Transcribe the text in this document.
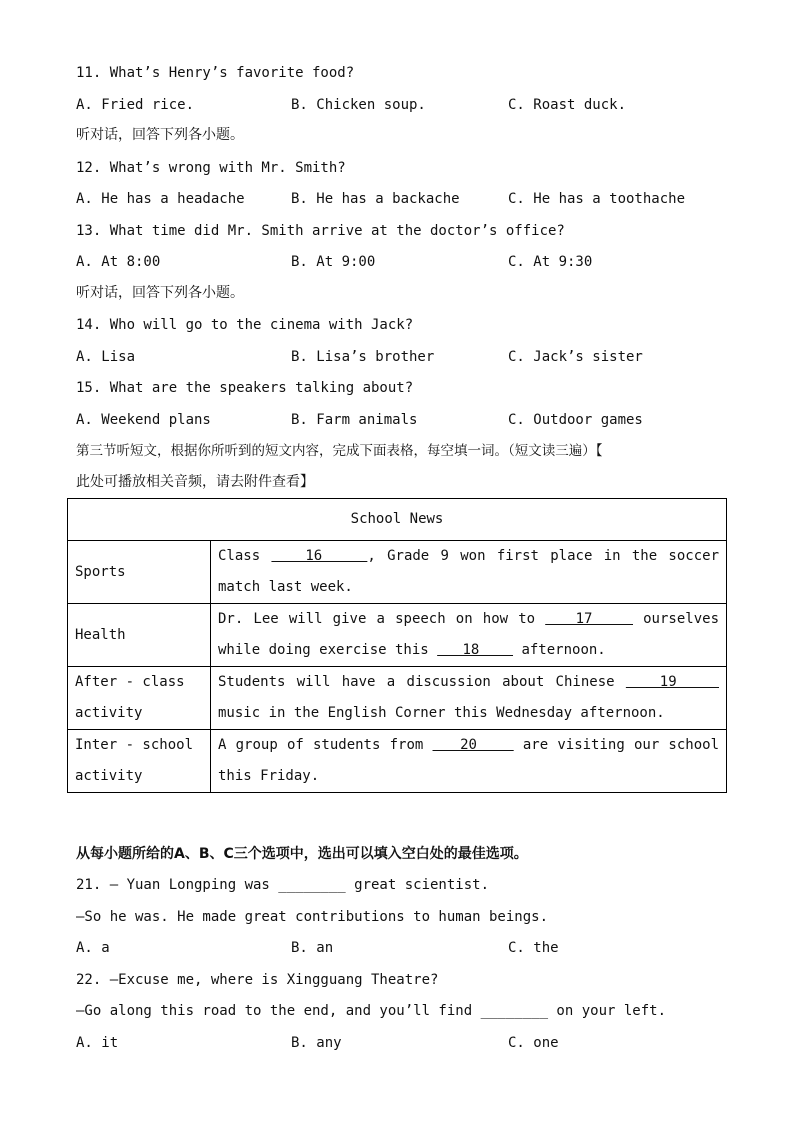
11. What’s Henry’s favorite food?
A. Fried rice.	B. Chicken soup.	C. Roast duck.
听对话，回答下列各小题。
12. What’s wrong with Mr. Smith?
A. He has a headache	B. He has a backache	C. He has a toothache
13. What time did Mr. Smith arrive at the doctor’s office?
A. At 8:00	B. At 9:00	C. At 9:30
听对话，回答下列各小题。
14. Who will go to the cinema with Jack?
A. Lisa	B. Lisa’s brother	C. Jack’s sister
15. What are the speakers talking about?
A. Weekend plans	B. Farm animals	C. Outdoor games
第三节听短文，根据你所听到的短文内容，完成下面表格，每空填一词。（短文读三遍）【
此处可播放相关音频，请去附件查看】
School News	
Sports	Class    16    , Grade 9 won first place in the soccer match last week.
Health	Dr. Lee will give a speech on how to    17     ourselves while doing exercise this    18     afternoon.
After - class activity	Students will have a discussion about Chinese    19     music in the English Corner this Wednesday afternoon.
Inter - school activity	A group of students from    20     are visiting our school this Friday.
从每小题所给的A、B、C三个选项中，选出可以填入空白处的最佳选项。
21. — Yuan Longping was ________ great scientist.
—So he was. He made great contributions to human beings.
A. a	B. an	C. the
22. —Excuse me, where is Xingguang Theatre?
—Go along this road to the end, and you’ll find ________ on your left.
A. it	B. any	C. one
